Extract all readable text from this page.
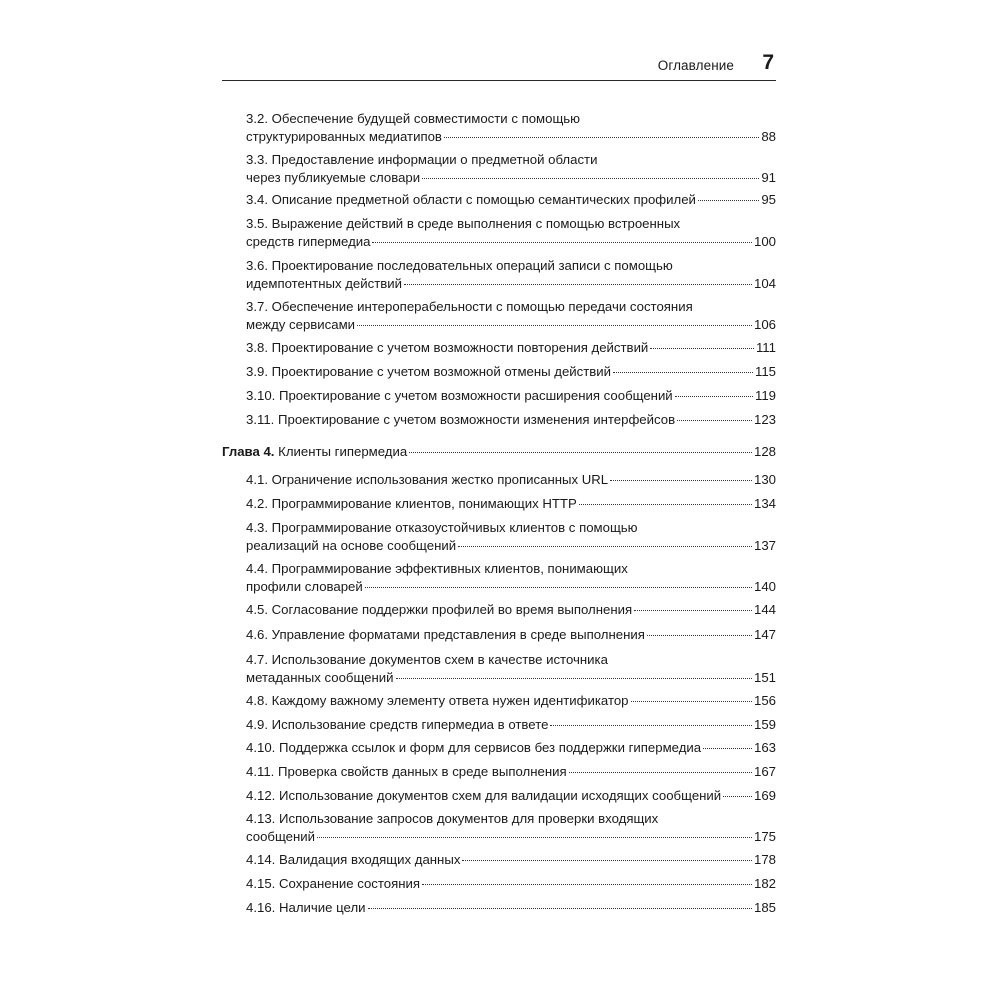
Оглавление 7
3.2. Обеспечение будущей совместимости с помощью
структурированных медиатипов	88
3.3. Предоставление информации о предметной области
через публикуемые словари	91
3.4. Описание предметной области с помощью семантических профилей	95
3.5. Выражение действий в среде выполнения с помощью встроенных
средств гипермедиа	100
3.6. Проектирование последовательных операций записи с помощью
идемпотентных действий	104
3.7. Обеспечение интероперабельности с помощью передачи состояния
между сервисами	106
3.8. Проектирование с учетом возможности повторения действий	111
3.9. Проектирование с учетом возможной отмены действий	115
3.10. Проектирование с учетом возможности расширения сообщений	119
3.11. Проектирование с учетом возможности изменения интерфейсов	123
Глава 4.
Клиенты гипермедиа	128
4.1. Ограничение использования жестко прописанных URL	130
4.2. Программирование клиентов, понимающих HTTP	134
4.3. Программирование отказоустойчивых клиентов с помощью
реализаций на основе сообщений	137
4.4. Программирование эффективных клиентов, понимающих
профили словарей	140
4.5. Согласование поддержки профилей во время выполнения	144
4.6. Управление форматами представления в среде выполнения	147
4.7. Использование документов схем в качестве источника
метаданных сообщений	151
4.8. Каждому важному элементу ответа нужен идентификатор	156
4.9. Использование средств гипермедиа в ответе	159
4.10. Поддержка ссылок и форм для сервисов без поддержки гипермедиа	163
4.11. Проверка свойств данных в среде выполнения	167
4.12. Использование документов схем для валидации исходящих сообщений 169
4.13. Использование запросов документов для проверки входящих
сообщений	175
4.14. Валидация входящих данных	178
4.15. Сохранение состояния	182
4.16. Наличие цели	185
